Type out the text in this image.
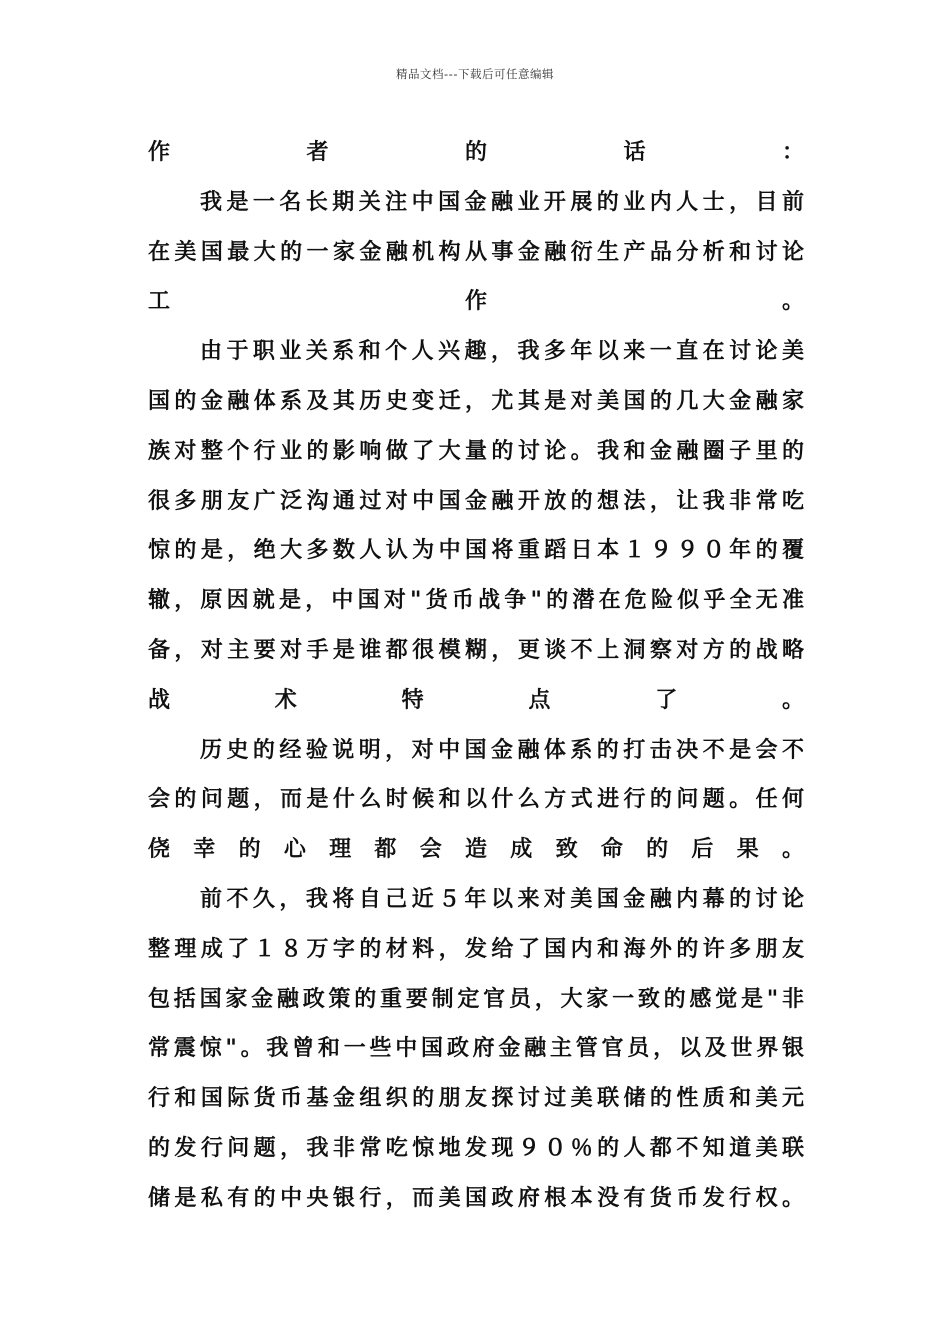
精品文档---下载后可任意编辑
作 者 的 话 ：
我是一名长期关注中国金融业开展的业内人士，目前
在美国最大的一家金融机构从事金融衍生产品分析和讨论
工 作 。
由于职业关系和个人兴趣，我多年以来一直在讨论美
国的金融体系及其历史变迁，尤其是对美国的几大金融家
族对整个行业的影响做了大量的讨论。我和金融圈子里的
很多朋友广泛沟通过对中国金融开放的想法，让我非常吃
惊的是，绝大多数人认为中国将重蹈日本１９９０年的覆
辙，原因就是，中国对"货币战争"的潜在危险似乎全无准
备，对主要对手是谁都很模糊，更谈不上洞察对方的战略
战 术 特 点 了 。
历史的经验说明，对中国金融体系的打击决不是会不
会的问题，而是什么时候和以什么方式进行的问题。任何
侥 幸 的 心 理 都 会 造 成 致 命 的 后 果 。
前不久，我将自己近５年以来对美国金融内幕的讨论
整理成了１８万字的材料，发给了国内和海外的许多朋友
包括国家金融政策的重要制定官员，大家一致的感觉是"非
常震惊"。我曾和一些中国政府金融主管官员，以及世界银
行和国际货币基金组织的朋友探讨过美联储的性质和美元
的发行问题，我非常吃惊地发现９０％的人都不知道美联
储是私有的中央银行，而美国政府根本没有货币发行权。
